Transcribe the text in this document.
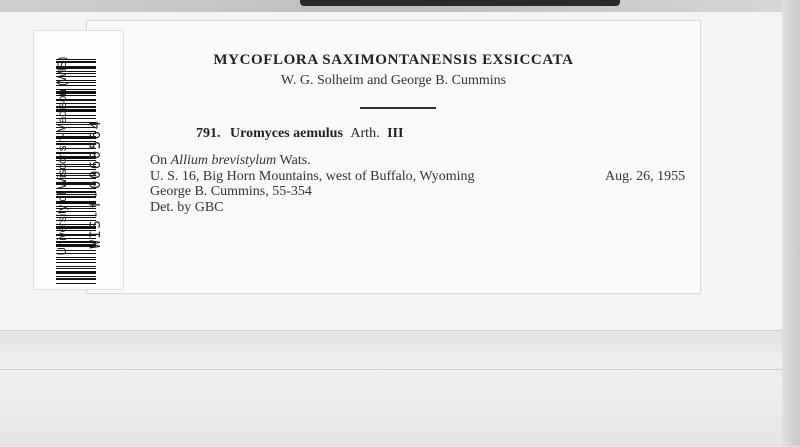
MYCOFLORA SAXIMONTANENSIS EXSICCATA
W. G. Solheim and George B. Cummins
791. Uromyces aemulus Arth. III
On Allium brevistylum Wats.
U. S. 16, Big Horn Mountains, west of Buffalo, Wyoming	Aug. 26, 1955
George B. Cummins, 55-354
Det. by GBC
WIS-f-0060564
